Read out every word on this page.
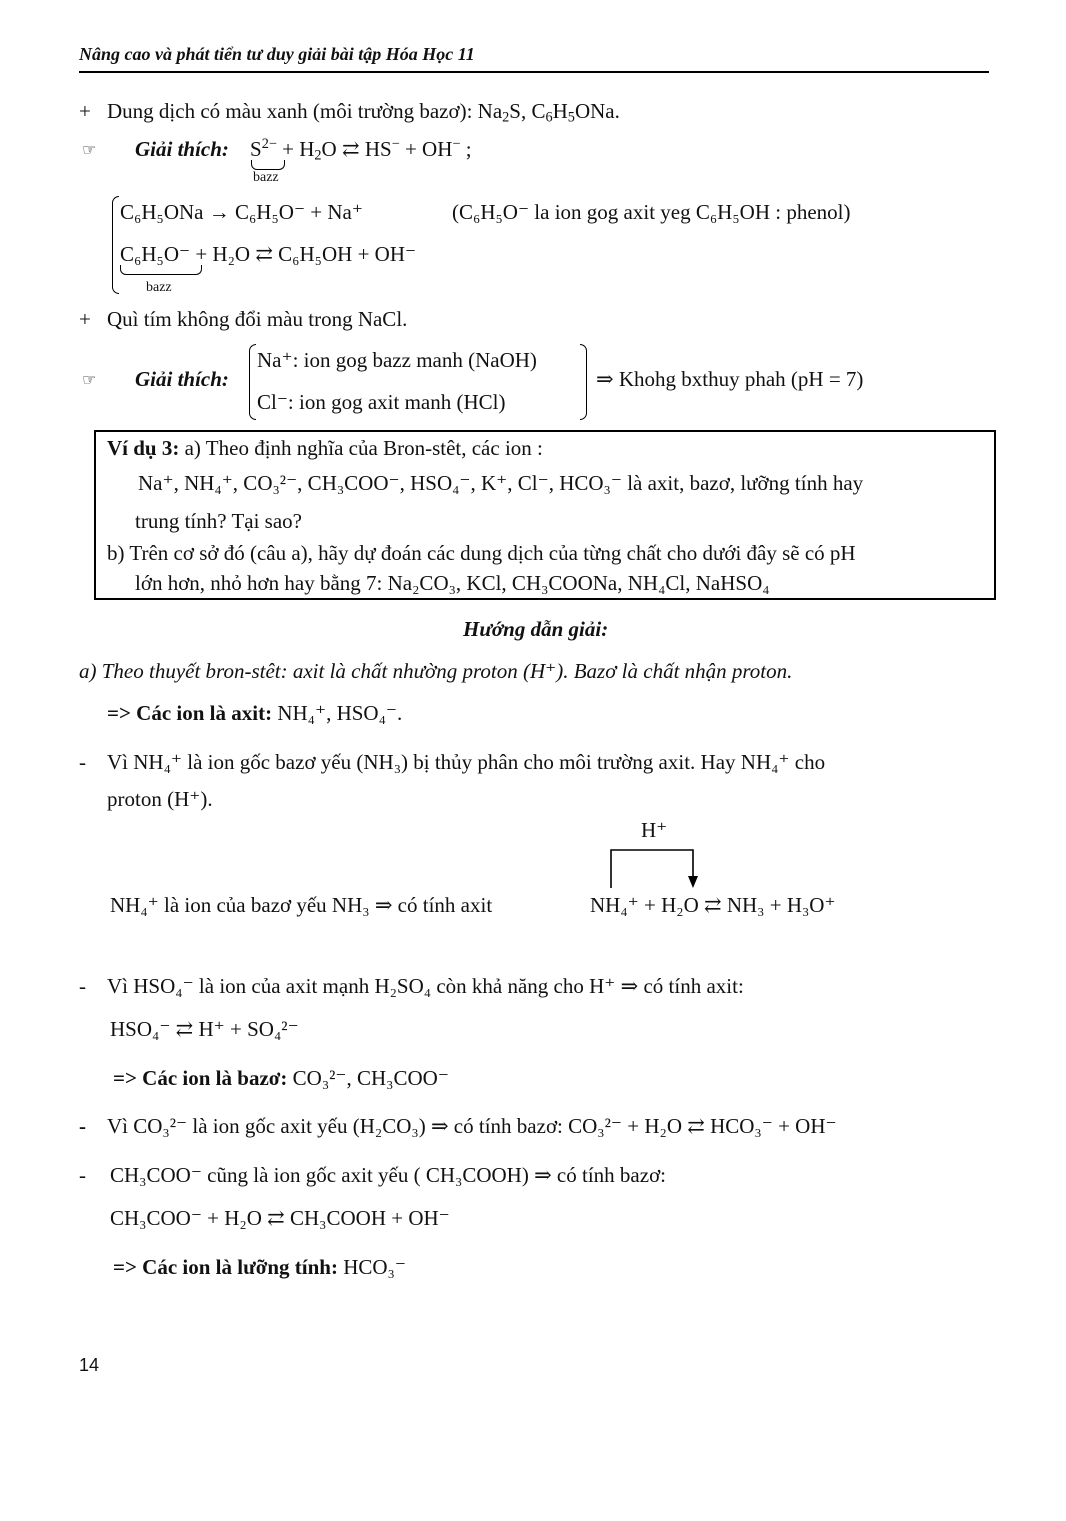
Nâng cao và phát tiển tư duy giải bài tập Hóa Học 11
+ Dung dịch có màu xanh (môi trường bazơ): $Na_2S$, $C_6H_5ONa$.
☞ Giải thích: $S^{2-} + H_2O$ ⇄ HS− + OH− ;
bazz
C₆H₅ONa → C₆H₅O⁻ + Na⁺	(C₆H₅O⁻ la ion gog axit yeg C₆H₅OH : phenol)
C₆H₅O⁻ + H₂O ⇄ C₆H₅OH + OH⁻
bazz
+ Quì tím không đổi màu trong NaCl.
☞ Giải thích:
Na⁺: ion gog bazz manh (NaOH)
Cl⁻: ion gog axit manh (HCl)
⇒ Khohg bxthuy phah (pH = 7)
Ví dụ 3: a) Theo định nghĩa của Bron-stêt, các ion :
Na⁺, NH₄⁺, CO₃²⁻, CH₃COO⁻, HSO₄⁻, K⁺, Cl⁻, HCO₃⁻ là axit, bazơ, lưỡng tính hay
trung tính? Tại sao?
b) Trên cơ sở đó (câu a), hãy dự đoán các dung dịch của từng chất cho dưới đây sẽ có pH
lớn hơn, nhỏ hơn hay bằng 7: Na₂CO₃, KCl, CH₃COONa, NH₄Cl, NaHSO₄
Hướng dẫn giải:
a) Theo thuyết bron-stêt: axit là chất nhường proton (H⁺). Bazơ là chất nhận proton.
=> Các ion là axit: NH₄⁺, HSO₄⁻.
- Vì NH₄⁺ là ion gốc bazơ yếu (NH₃) bị thủy phân cho môi trường axit. Hay NH₄⁺ cho
proton (H⁺).
H⁺
NH₄⁺ là ion của bazơ yếu NH₃ ⇒ có tính axit	NH₄⁺ + H₂O ⇄ NH₃ + H₃O⁺
- Vì HSO₄⁻ là ion của axit mạnh H₂SO₄ còn khả năng cho H⁺ ⇒ có tính axit:
HSO₄⁻ ⇄ H⁺ + SO₄²⁻
=> Các ion là bazơ: CO₃²⁻, CH₃COO⁻
- Vì CO₃²⁻ là ion gốc axit yếu (H₂CO₃) ⇒ có tính bazơ: CO₃²⁻ + H₂O ⇄ HCO₃⁻ + OH⁻
- CH₃COO⁻ cũng là ion gốc axit yếu ( CH₃COOH) ⇒ có tính bazơ:
CH₃COO⁻ + H₂O ⇄ CH₃COOH + OH⁻
=> Các ion là lưỡng tính: HCO₃⁻
14
